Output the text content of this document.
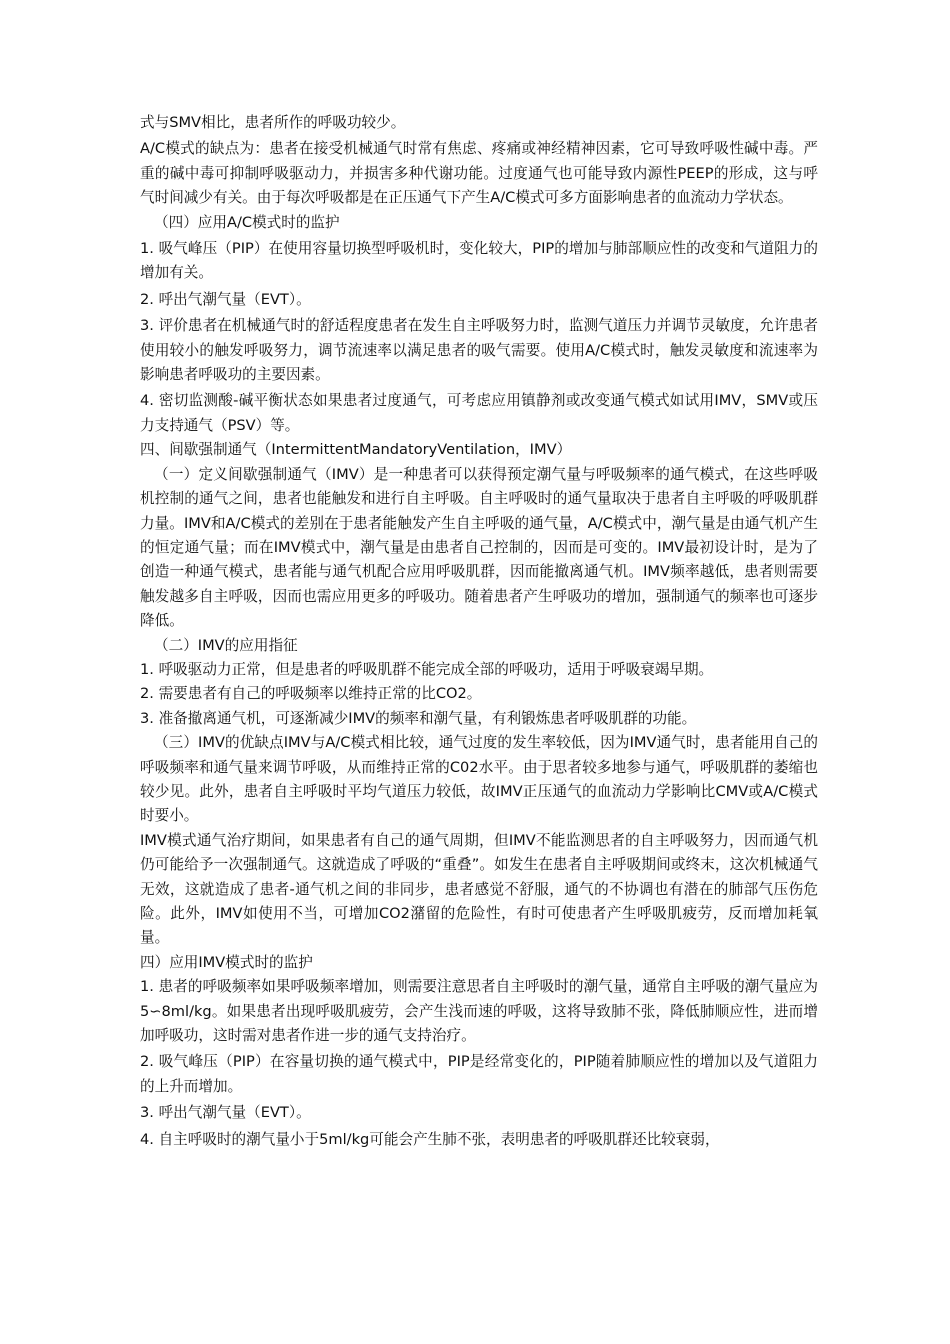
式与SMV相比，患者所作的呼吸功较少。

A/C模式的缺点为：患者在接受机械通气时常有焦虑、疼痛或神经精神因素，它可导致呼吸性碱中毒。严重的碱中毒可抑制呼吸驱动力，并损害多种代谢功能。过度通气也可能导致内源性PEEP的形成，这与呼气时间减少有关。由于每次呼吸都是在正压通气下产生A/C模式可多方面影响患者的血流动力学状态。

（四）应用A/C模式时的监护

1. 吸气峰压（PIP）在使用容量切换型呼吸机时，变化较大，PIP的增加与肺部顺应性的改变和气道阻力的增加有关。

2. 呼出气潮气量（EVT）。

3. 评价患者在机械通气时的舒适程度患者在发生自主呼吸努力时，监测气道压力并调节灵敏度，允许患者使用较小的触发呼吸努力，调节流速率以满足患者的吸气需要。使用A/C模式时，触发灵敏度和流速率为影响患者呼吸功的主要因素。

4. 密切监测酸-碱平衡状态如果患者过度通气，可考虑应用镇静剂或改变通气模式如试用IMV，SMV或压力支持通气（PSV）等。

四、间歇强制通气（IntermittentMandatoryVentilation，IMV）

（一）定义间歇强制通气（IMV）是一种患者可以获得预定潮气量与呼吸频率的通气模式，在这些呼吸机控制的通气之间，患者也能触发和进行自主呼吸。自主呼吸时的通气量取决于患者自主呼吸的呼吸肌群力量。IMV和A/C模式的差别在于患者能触发产生自主呼吸的通气量，A/C模式中，潮气量是由通气机产生的恒定通气量；而在IMV模式中，潮气量是由患者自己控制的，因而是可变的。IMV最初设计时，是为了创造一种通气模式，患者能与通气机配合应用呼吸肌群，因而能撤离通气机。IMV频率越低，患者则需要触发越多自主呼吸，因而也需应用更多的呼吸功。随着患者产生呼吸功的增加，强制通气的频率也可逐步降低。

（二）IMV的应用指征

1. 呼吸驱动力正常，但是患者的呼吸肌群不能完成全部的呼吸功，适用于呼吸衰竭早期。

2. 需要患者有自己的呼吸频率以维持正常的比CO2。

3. 准备撤离通气机，可逐渐减少IMV的频率和潮气量，有利锻炼患者呼吸肌群的功能。

（三）IMV的优缺点IMV与A/C模式相比较，通气过度的发生率较低，因为IMV通气时，患者能用自己的呼吸频率和通气量来调节呼吸，从而维持正常的C02水平。由于思者较多地参与通气，呼吸肌群的萎缩也较少见。此外，患者自主呼吸时平均气道压力较低，故IMV正压通气的血流动力学影响比CMV或A/C模式时要小。

IMV模式通气治疗期间，如果患者有自己的通气周期，但IMV不能监测思者的自主呼吸努力，因而通气机仍可能给予一次强制通气。这就造成了呼吸的“重叠”。如发生在患者自主呼吸期间或终末，这次机械通气无效，这就造成了患者-通气机之间的非同步，患者感觉不舒服，通气的不协调也有潜在的肺部气压伤危险。此外，IMV如使用不当，可增加CO2潴留的危险性，有时可使患者产生呼吸肌疲劳，反而增加耗氧量。

四）应用IMV模式时的监护

1. 患者的呼吸频率如果呼吸频率增加，则需要注意思者自主呼吸时的潮气量，通常自主呼吸的潮气量应为5∽8ml/kg。如果患者出现呼吸肌疲劳，会产生浅而速的呼吸，这将导致肺不张，降低肺顺应性，进而增加呼吸功，这时需对患者作进一步的通气支持治疗。

2. 吸气峰压（PIP）在容量切换的通气模式中，PIP是经常变化的，PIP随着肺顺应性的增加以及气道阻力的上升而增加。

3. 呼出气潮气量（EVT）。

4. 自主呼吸时的潮气量小于5ml/kg可能会产生肺不张，表明患者的呼吸肌群还比较衰弱，
